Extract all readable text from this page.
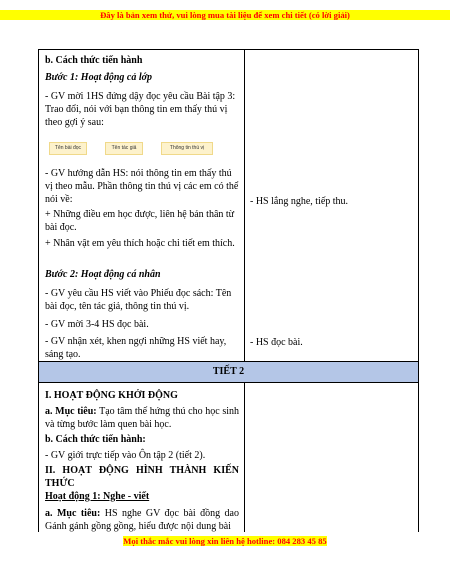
Đây là bản xem thử, vui lòng mua tài liệu để xem chi tiết (có lời giải)
b. Cách thức tiến hành
Bước 1: Hoạt động cả lớp
- GV mời 1HS đứng dậy đọc yêu cầu Bài tập 3: Trao đổi, nói với bạn thông tin em thấy thú vị theo gợi ý sau:
Tên bài đọc	Tên tác giả	Thông tin thú vị
- GV hướng dẫn HS: nói thông tin em thấy thú vị theo mẫu. Phần thông tin thú vị các em có thể nói về:
+ Những điều em học được, liên hệ bản thân từ bài đọc.
+ Nhân vật em yêu thích hoặc chi tiết em thích.
Bước 2: Hoạt động cá nhân
- GV yêu cầu HS viết vào Phiếu đọc sách: Tên bài đọc, tên tác giả, thông tin thú vị.
- GV mời 3-4 HS đọc bài.
- GV nhận xét, khen ngợi những HS viết hay, sáng tạo.
- HS lắng nghe, tiếp thu.
- HS đọc bài.
TIẾT 2
I. HOẠT ĐỘNG KHỞI ĐỘNG
a. Mục tiêu: Tạo tâm thế hứng thú cho học sinh và từng bước làm quen bài học.
b. Cách thức tiến hành:
- GV giới trực tiếp vào Ôn tập 2 (tiết 2).
II. HOẠT ĐỘNG HÌNH THÀNH KIẾN THỨC
Hoạt động 1: Nghe - viết
a. Mục tiêu: HS nghe GV đọc bài đồng dao Gánh gánh gồng gồng, hiểu được nội dung bài
Mọi thắc mắc vui lòng xin liên hệ hotline: 084 283 45 85
